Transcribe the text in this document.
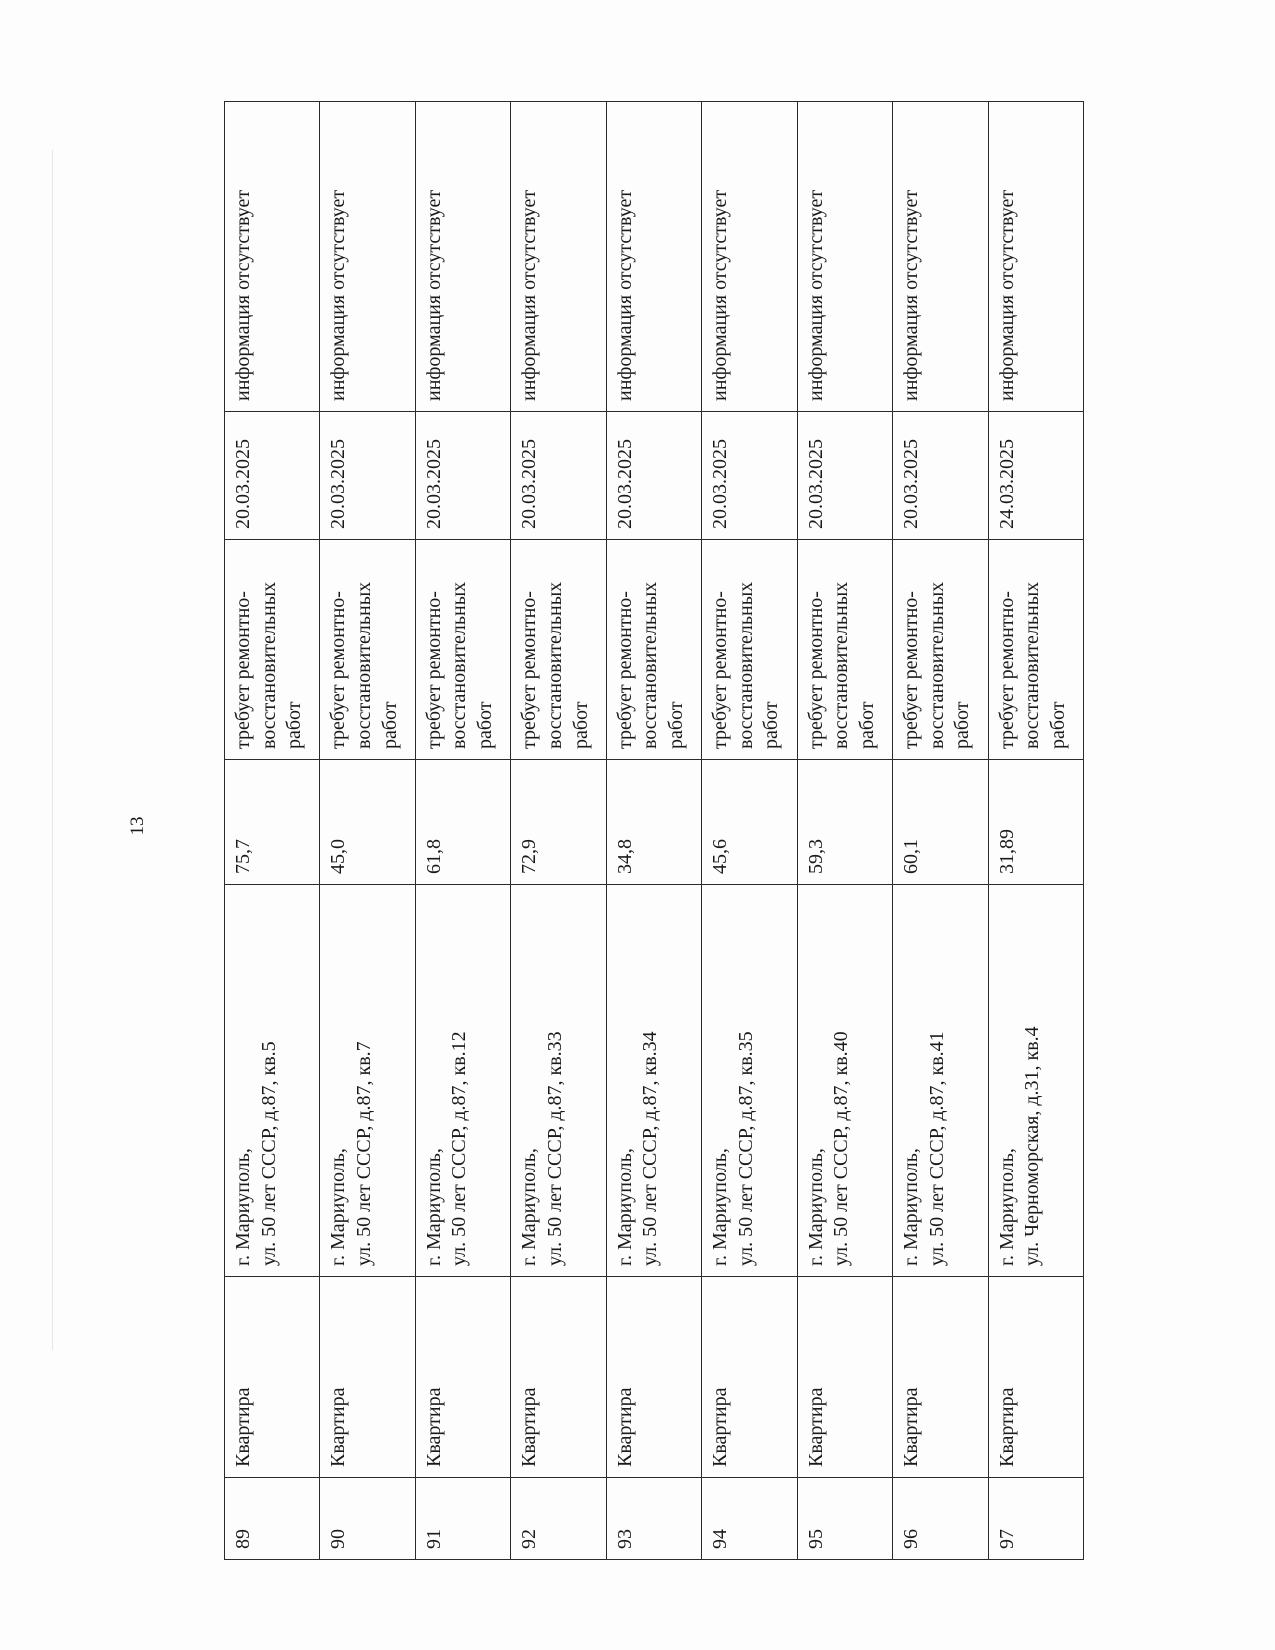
13
89	Квартира	г. Мариуполь, ул. 50 лет СССР, д.87, кв.5	75,7	требует ремонтно-восстановительных работ	20.03.2025	информация отсутствует

90	Квартира	г. Мариуполь, ул. 50 лет СССР, д.87, кв.7	45,0	требует ремонтно-восстановительных работ	20.03.2025	информация отсутствует

91	Квартира	г. Мариуполь, ул. 50 лет СССР, д.87, кв.12	61,8	требует ремонтно-восстановительных работ	20.03.2025	информация отсутствует

92	Квартира	г. Мариуполь, ул. 50 лет СССР, д.87, кв.33	72,9	требует ремонтно-восстановительных работ	20.03.2025	информация отсутствует

93	Квартира	г. Мариуполь, ул. 50 лет СССР, д.87, кв.34	34,8	требует ремонтно-восстановительных работ	20.03.2025	информация отсутствует

94	Квартира	г. Мариуполь, ул. 50 лет СССР, д.87, кв.35	45,6	требует ремонтно-восстановительных работ	20.03.2025	информация отсутствует

95	Квартира	г. Мариуполь, ул. 50 лет СССР, д.87, кв.40	59,3	требует ремонтно-восстановительных работ	20.03.2025	информация отсутствует

96	Квартира	г. Мариуполь, ул. 50 лет СССР, д.87, кв.41	60,1	требует ремонтно-восстановительных работ	20.03.2025	информация отсутствует

97	Квартира	г. Мариуполь, ул. Черноморская, д.31, кв.4	31,89	требует ремонтно-восстановительных работ	24.03.2025	информация отсутствует
